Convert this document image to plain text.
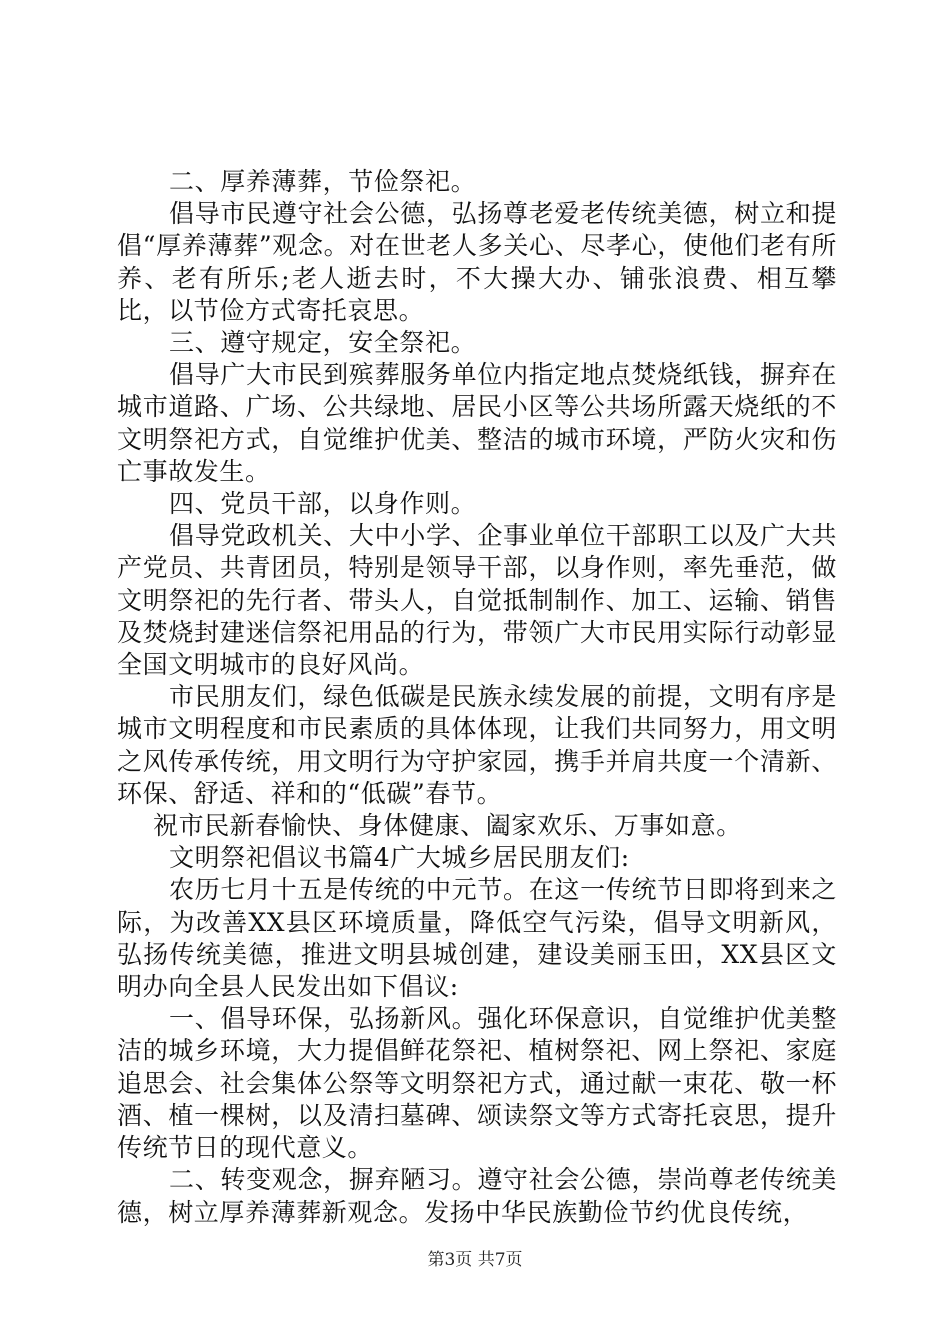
二、厚养薄葬，节俭祭祀。

倡导市民遵守社会公德，弘扬尊老爱老传统美德，树立和提倡“厚养薄葬”观念。对在世老人多关心、尽孝心，使他们老有所养、老有所乐;老人逝去时，不大操大办、铺张浪费、相互攀比，以节俭方式寄托哀思。

三、遵守规定，安全祭祀。

倡导广大市民到殡葬服务单位内指定地点焚烧纸钱，摒弃在城市道路、广场、公共绿地、居民小区等公共场所露天烧纸的不文明祭祀方式，自觉维护优美、整洁的城市环境，严防火灾和伤亡事故发生。

四、党员干部，以身作则。

倡导党政机关、大中小学、企事业单位干部职工以及广大共产党员、共青团员，特别是领导干部，以身作则，率先垂范，做文明祭祀的先行者、带头人，自觉抵制制作、加工、运输、销售及焚烧封建迷信祭祀用品的行为，带领广大市民用实际行动彰显全国文明城市的良好风尚。

市民朋友们，绿色低碳是民族永续发展的前提，文明有序是城市文明程度和市民素质的具体体现，让我们共同努力，用文明之风传承传统，用文明行为守护家园，携手并肩共度一个清新、环保、舒适、祥和的“低碳”春节。

祝市民新春愉快、身体健康、阖家欢乐、万事如意。

文明祭祀倡议书篇4广大城乡居民朋友们:

农历七月十五是传统的中元节。在这一传统节日即将到来之际，为改善XX县区环境质量，降低空气污染，倡导文明新风，弘扬传统美德，推进文明县城创建，建设美丽玉田，XX县区文明办向全县人民发出如下倡议:

一、倡导环保，弘扬新风。强化环保意识，自觉维护优美整洁的城乡环境，大力提倡鲜花祭祀、植树祭祀、网上祭祀、家庭追思会、社会集体公祭等文明祭祀方式，通过献一束花、敬一杯酒、植一棵树，以及清扫墓碑、颂读祭文等方式寄托哀思，提升传统节日的现代意义。

二、转变观念，摒弃陋习。遵守社会公德，崇尚尊老传统美德，树立厚养薄葬新观念。发扬中华民族勤俭节约优良传统，

第3页 共7页
